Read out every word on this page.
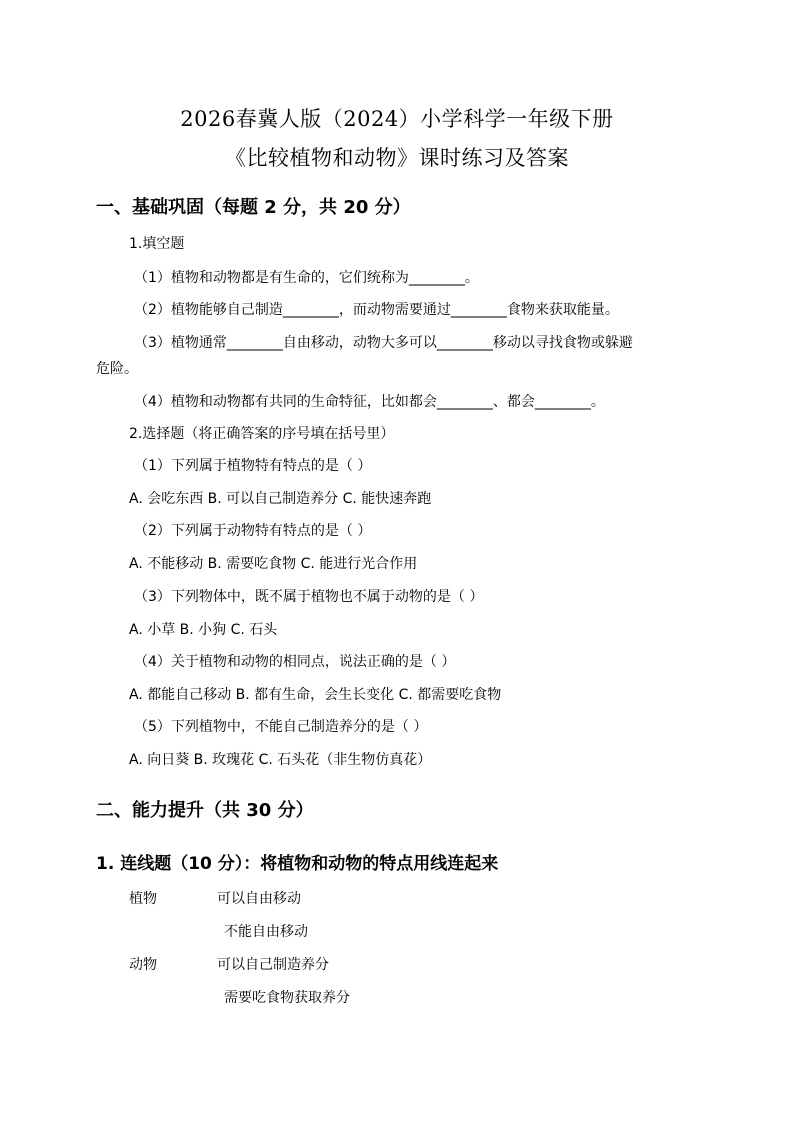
2026春冀人版（2024）小学科学一年级下册
《比较植物和动物》课时练习及答案
一、基础巩固（每题 2 分，共 20 分）
1.填空题
（1）植物和动物都是有生命的，它们统称为________。
（2）植物能够自己制造________，而动物需要通过________食物来获取能量。
（3）植物通常________自由移动，动物大多可以________移动以寻找食物或躲避
危险。
（4）植物和动物都有共同的生命特征，比如都会________、都会________。
2.选择题（将正确答案的序号填在括号里）
（1）下列属于植物特有特点的是（ ）
A. 会吃东西 B. 可以自己制造养分 C. 能快速奔跑
（2）下列属于动物特有特点的是（ ）
A. 不能移动 B. 需要吃食物 C. 能进行光合作用
（3）下列物体中，既不属于植物也不属于动物的是（ ）
A. 小草 B. 小狗 C. 石头
（4）关于植物和动物的相同点，说法正确的是（ ）
A. 都能自己移动 B. 都有生命，会生长变化 C. 都需要吃食物
（5）下列植物中，不能自己制造养分的是（ ）
A. 向日葵 B. 玫瑰花 C. 石头花（非生物仿真花）
二、能力提升（共 30 分）
1. 连线题（10 分）：将植物和动物的特点用线连起来
植物
动物
可以自由移动
不能自由移动
可以自己制造养分
需要吃食物获取养分
